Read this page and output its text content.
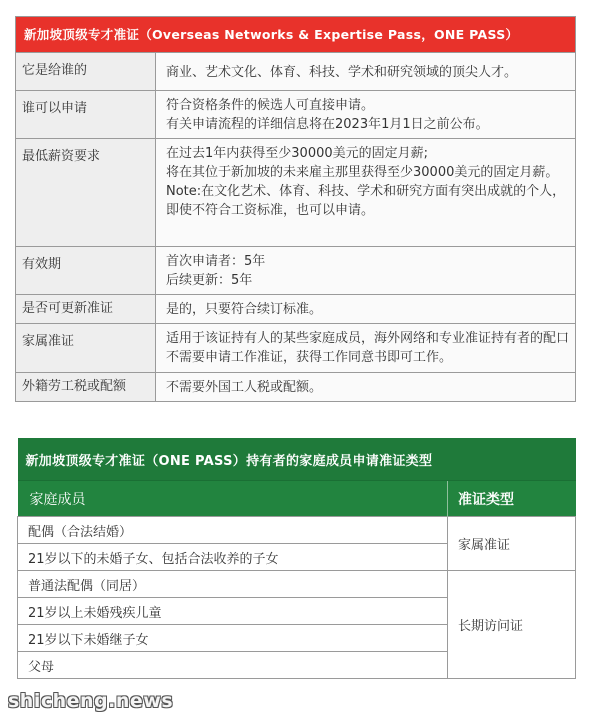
新加坡顶级专才准证（Overseas Networks & Expertise Pass，ONE PASS）	
它是给谁的	商业、艺术文化、体育、科技、学术和研究领域的顶尖人才。

谁可以申请	符合资格条件的候选人可直接申请。
有关申请流程的详细信息将在2023年1月1日之前公布。

最低薪资要求	在过去1年内获得至少30000美元的固定月薪;
将在其位于新加坡的未来雇主那里获得至少30000美元的固定月薪。
Note:在文化艺术、体育、科技、学术和研究方面有突出成就的个人，即使不符合工资标准，也可以申请。

有效期	首次申请者：5年
后续更新：5年

是否可更新准证	是的，只要符合续订标准。

家属准证	适用于该证持有人的某些家庭成员，海外网络和专业准证持有者的配口不需要申请工作准证，获得工作同意书即可工作。

外籍劳工税或配额	不需要外国工人税或配额。
新加坡顶级专才准证（ONE PASS）持有者的家庭成员申请准证类型	
家庭成员	准证类型
配偶（合法结婚）	家属准证
21岁以下的未婚子女、包括合法收养的子女	
普通法配偶（同居）	长期访问证
21岁以上未婚残疾儿童	
21岁以下未婚继子女	
父母	
shicheng.news
